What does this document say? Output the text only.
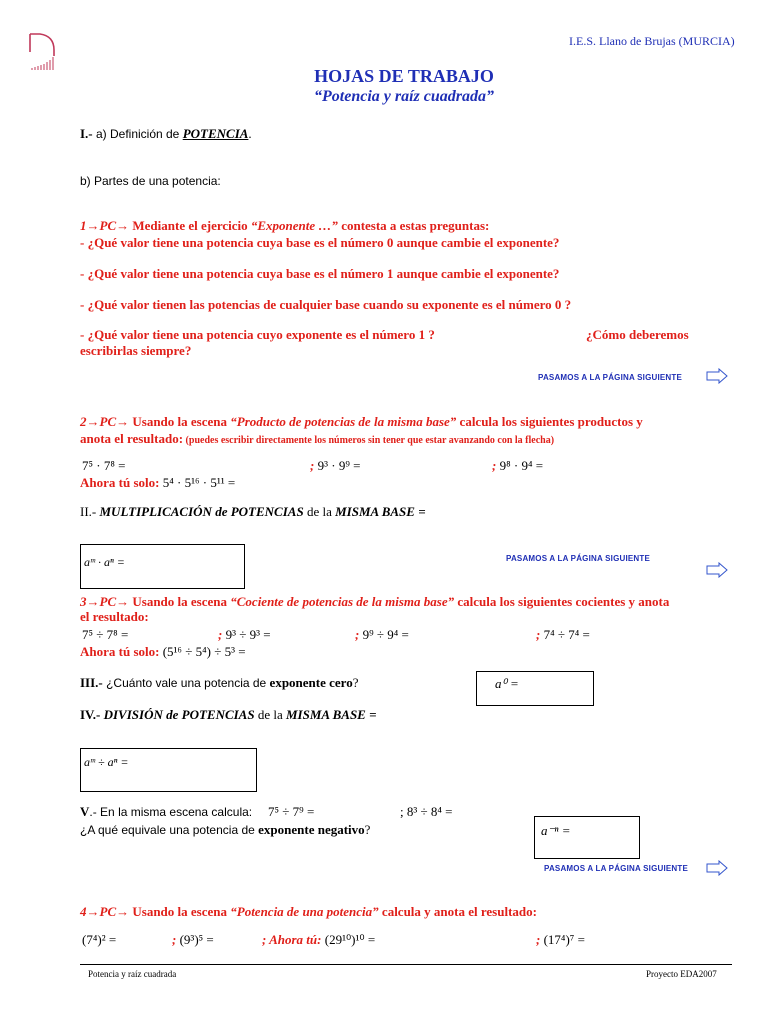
I.E.S. Llano de Brujas (MURCIA)
HOJAS DE TRABAJO
“Potencia y raíz cuadrada”
I.- a) Definición de POTENCIA.
b) Partes de una potencia:
1→PC→ Mediante el ejercicio “Exponente …” contesta a estas preguntas:
- ¿Qué valor tiene una potencia cuya base es el número 0 aunque cambie el exponente?
- ¿Qué valor tiene una potencia cuya base es el número 1 aunque cambie el exponente?
- ¿Qué valor tienen las potencias de cualquier base cuando su exponente es el número 0 ?
- ¿Qué valor tiene una potencia cuyo exponente es el número 1 ?	¿Cómo deberemos
escribirlas siempre?
PASAMOS A LA PÁGINA SIGUIENTE
2→PC→ Usando la escena “Producto de potencias de la misma base” calcula los siguientes productos y
anota el resultado: (puedes escribir directamente los números sin tener que estar avanzando con la flecha)
7⁵ · 7⁸ =	; 9³ · 9⁹ =	; 9⁸ · 9⁴ =
Ahora tú solo: 5⁴ · 5¹⁶ · 5¹¹ =
II.- MULTIPLICACIÓN de POTENCIAS de la MISMA BASE =
aᵐ · aⁿ =	PASAMOS A LA PÁGINA SIGUIENTE
3→PC→ Usando la escena “Cociente de potencias de la misma base” calcula los siguientes cocientes y anota
el resultado:
7⁵ ÷ 7⁸ =	; 9³ ÷ 9³ =	; 9⁹ ÷ 9⁴ =	; 7⁴ ÷ 7⁴ =
Ahora tú solo: (5¹⁶ ÷ 5⁴) ÷ 5³ =
III.- ¿Cuánto vale una potencia de exponente cero?	a⁰ =
IV.- DIVISIÓN de POTENCIAS de la MISMA BASE =
aᵐ ÷ aⁿ =
V.- En la misma escena calcula: 7⁵ ÷ 7⁹ =	; 8³ ÷ 8⁴ =
¿A qué equivale una potencia de exponente negativo?	a⁻ⁿ =
PASAMOS A LA PÁGINA SIGUIENTE
4→PC→ Usando la escena “Potencia de una potencia” calcula y anota el resultado:
(7⁴)² =	; (9³)⁵ =	; Ahora tú: (29¹⁰)¹⁰ =	; (17⁴)⁷ =
Potencia y raíz cuadrada	Proyecto EDA2007
